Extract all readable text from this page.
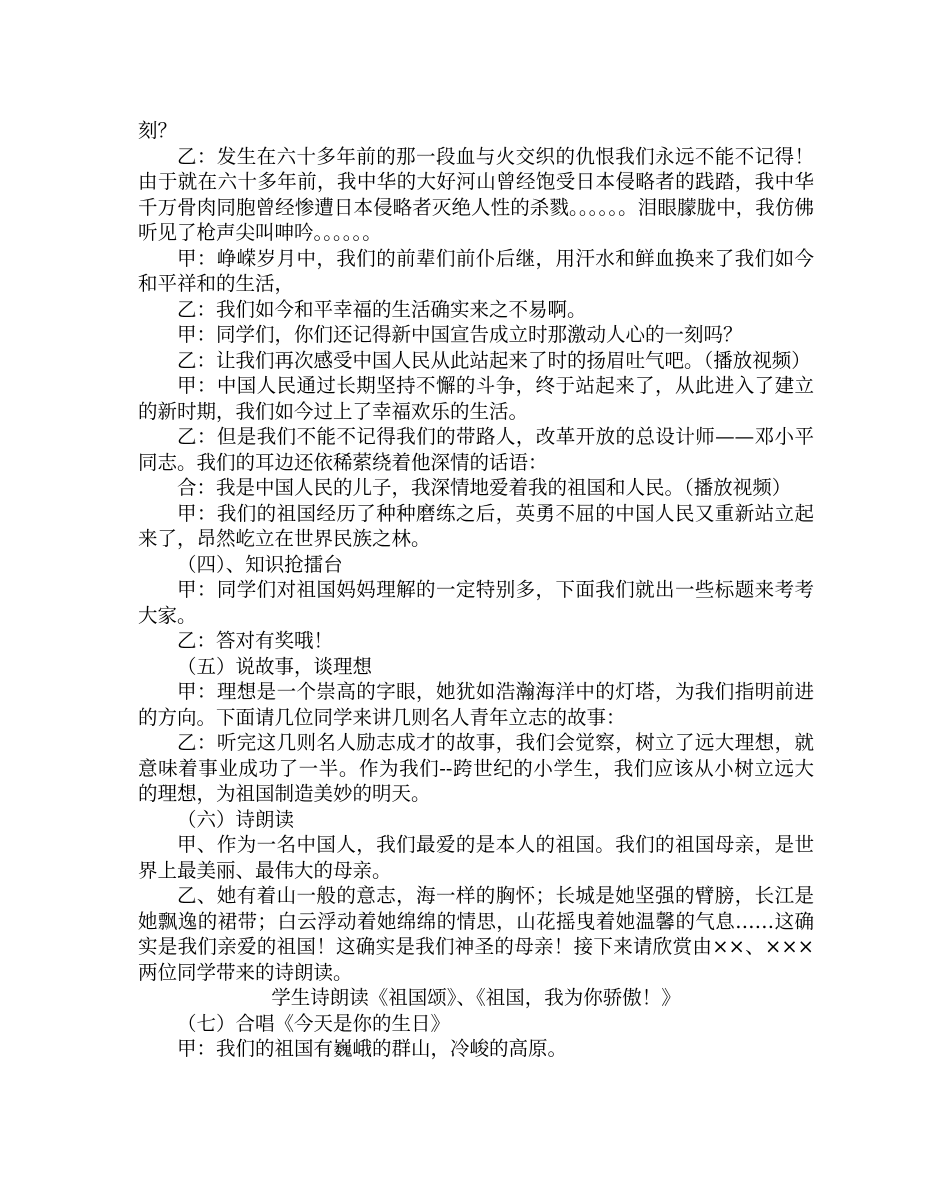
刻？

乙：发生在六十多年前的那一段血与火交织的仇恨我们永远不能不记得！由于就在六十多年前，我中华的大好河山曾经饱受日本侵略者的践踏，我中华千万骨肉同胞曾经惨遭日本侵略者灭绝人性的杀戮。。。。。。泪眼朦胧中，我仿佛听见了枪声尖叫呻吟。。。。。。

甲：峥嵘岁月中，我们的前辈们前仆后继，用汗水和鲜血换来了我们如今和平祥和的生活，

乙：我们如今和平幸福的生活确实来之不易啊。

甲：同学们，你们还记得新中国宣告成立时那激动人心的一刻吗？

乙：让我们再次感受中国人民从此站起来了时的扬眉吐气吧。（播放视频）

甲：中国人民通过长期坚持不懈的斗争，终于站起来了，从此进入了建立的新时期，我们如今过上了幸福欢乐的生活。

乙：但是我们不能不记得我们的带路人，改革开放的总设计师——邓小平同志。我们的耳边还依稀萦绕着他深情的话语：

合：我是中国人民的儿子，我深情地爱着我的祖国和人民。（播放视频）

甲：我们的祖国经历了种种磨练之后，英勇不屈的中国人民又重新站立起来了，昂然屹立在世界民族之林。

（四）、知识抢擂台

甲：同学们对祖国妈妈理解的一定特别多，下面我们就出一些标题来考考大家。

乙：答对有奖哦！

（五）说故事，谈理想

甲：理想是一个崇高的字眼，她犹如浩瀚海洋中的灯塔，为我们指明前进的方向。下面请几位同学来讲几则名人青年立志的故事：

乙：听完这几则名人励志成才的故事，我们会觉察，树立了远大理想，就意味着事业成功了一半。作为我们--跨世纪的小学生，我们应该从小树立远大的理想，为祖国制造美妙的明天。

（六）诗朗读

甲、作为一名中国人，我们最爱的是本人的祖国。我们的祖国母亲，是世界上最美丽、最伟大的母亲。

乙、她有着山一般的意志，海一样的胸怀；长城是她坚强的臂膀，长江是她飘逸的裙带；白云浮动着她绵绵的情思，山花摇曳着她温馨的气息……这确实是我们亲爱的祖国！这确实是我们神圣的母亲！接下来请欣赏由××、×××两位同学带来的诗朗读。

学生诗朗读《祖国颂》、《祖国，我为你骄傲！》

（七）合唱《今天是你的生日》

甲：我们的祖国有巍峨的群山，冷峻的高原。
